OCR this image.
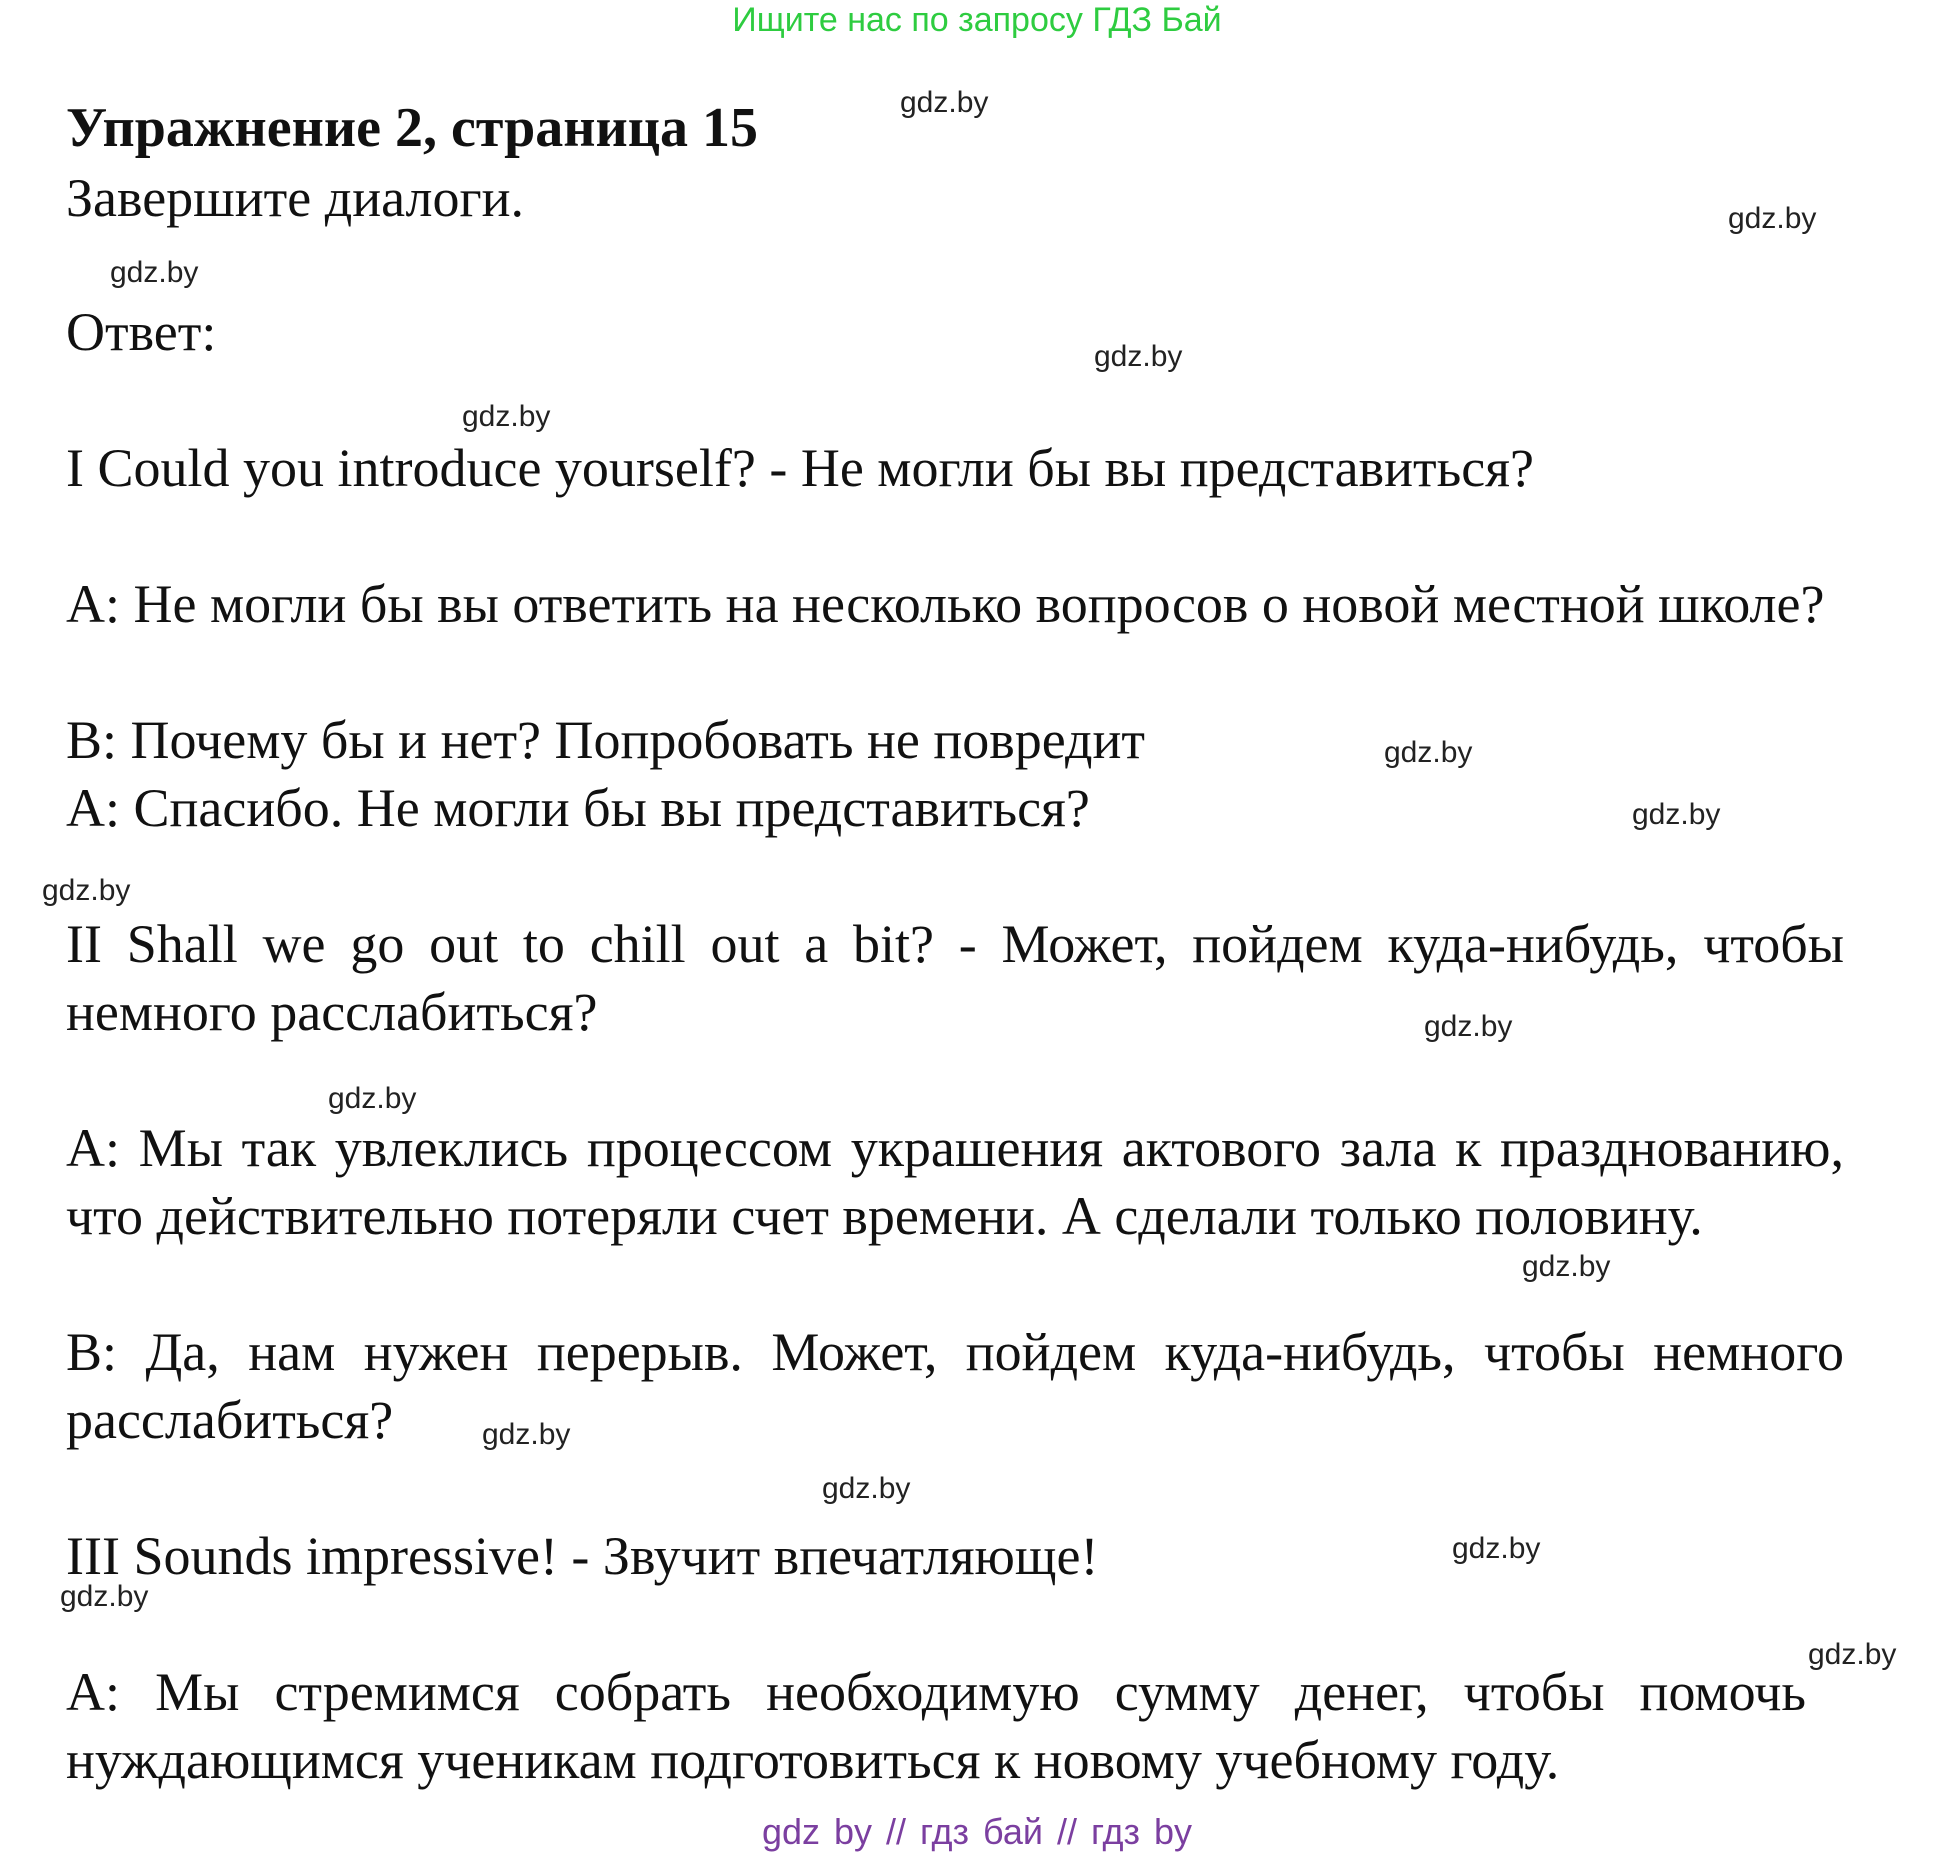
Ищите нас по запросу ГДЗ Бай
Упражнение 2, страница 15
Завершите диалоги.
Ответ:
I Could you introduce yourself? - Не могли бы вы представиться?
A: Не могли бы вы ответить на несколько вопросов о новой местной школе?
B: Почему бы и нет? Попробовать не повредит
A: Спасибо. Не могли бы вы представиться?
II Shall we go out to chill out a bit? - Может, пойдем куда-нибудь, чтобы немного расслабиться?
A: Мы так увлеклись процессом украшения актового зала к празднованию, что действительно потеряли счет времени. А сделали только половину.
B: Да, нам нужен перерыв. Может, пойдем куда-нибудь, чтобы немного расслабиться?
III Sounds impressive! - Звучит впечатляюще!
A: Мы стремимся собрать необходимую сумму денег, чтобы помочь нуждающимся ученикам подготовиться к новому учебному году.
gdz.by
gdz.by
gdz.by
gdz.by
gdz.by
gdz.by
gdz.by
gdz.by
gdz.by
gdz.by
gdz.by
gdz.by
gdz.by
gdz.by
gdz.by
gdz.by
gdz by // гдз бай // гдз by
